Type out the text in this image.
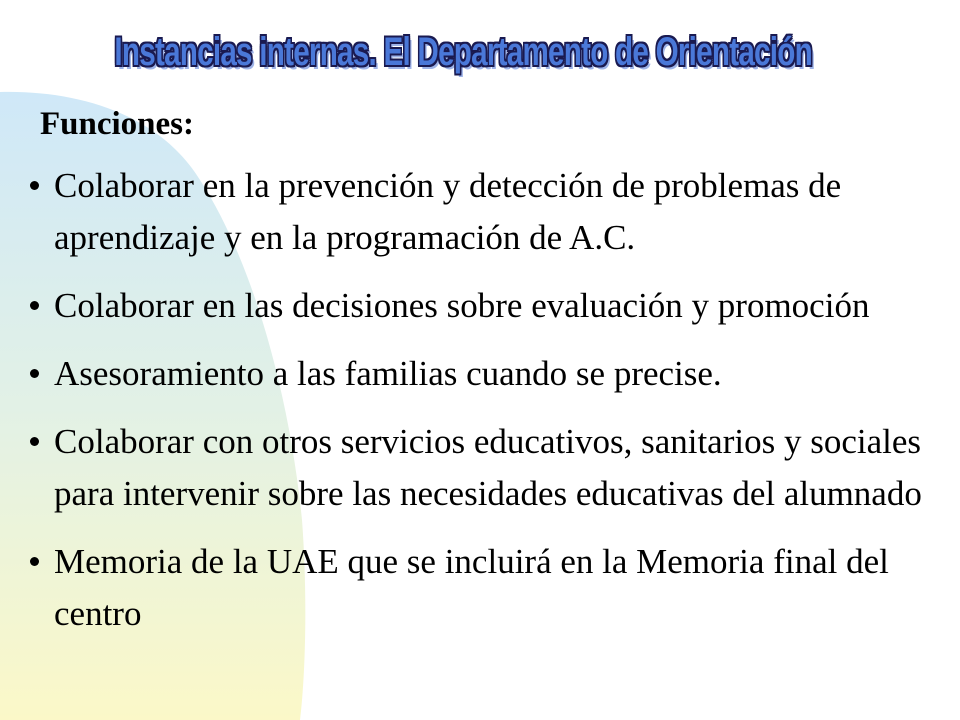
Instancias internas. El Departamento de Orientación
Funciones:
Colaborar en la prevención y detección de problemas de aprendizaje y en la programación de A.C.
Colaborar en las decisiones sobre evaluación y promoción
Asesoramiento a las familias cuando se precise.
Colaborar con otros servicios educativos, sanitarios y sociales para intervenir sobre las necesidades educativas del alumnado
Memoria de la UAE que se incluirá en la Memoria final del centro
